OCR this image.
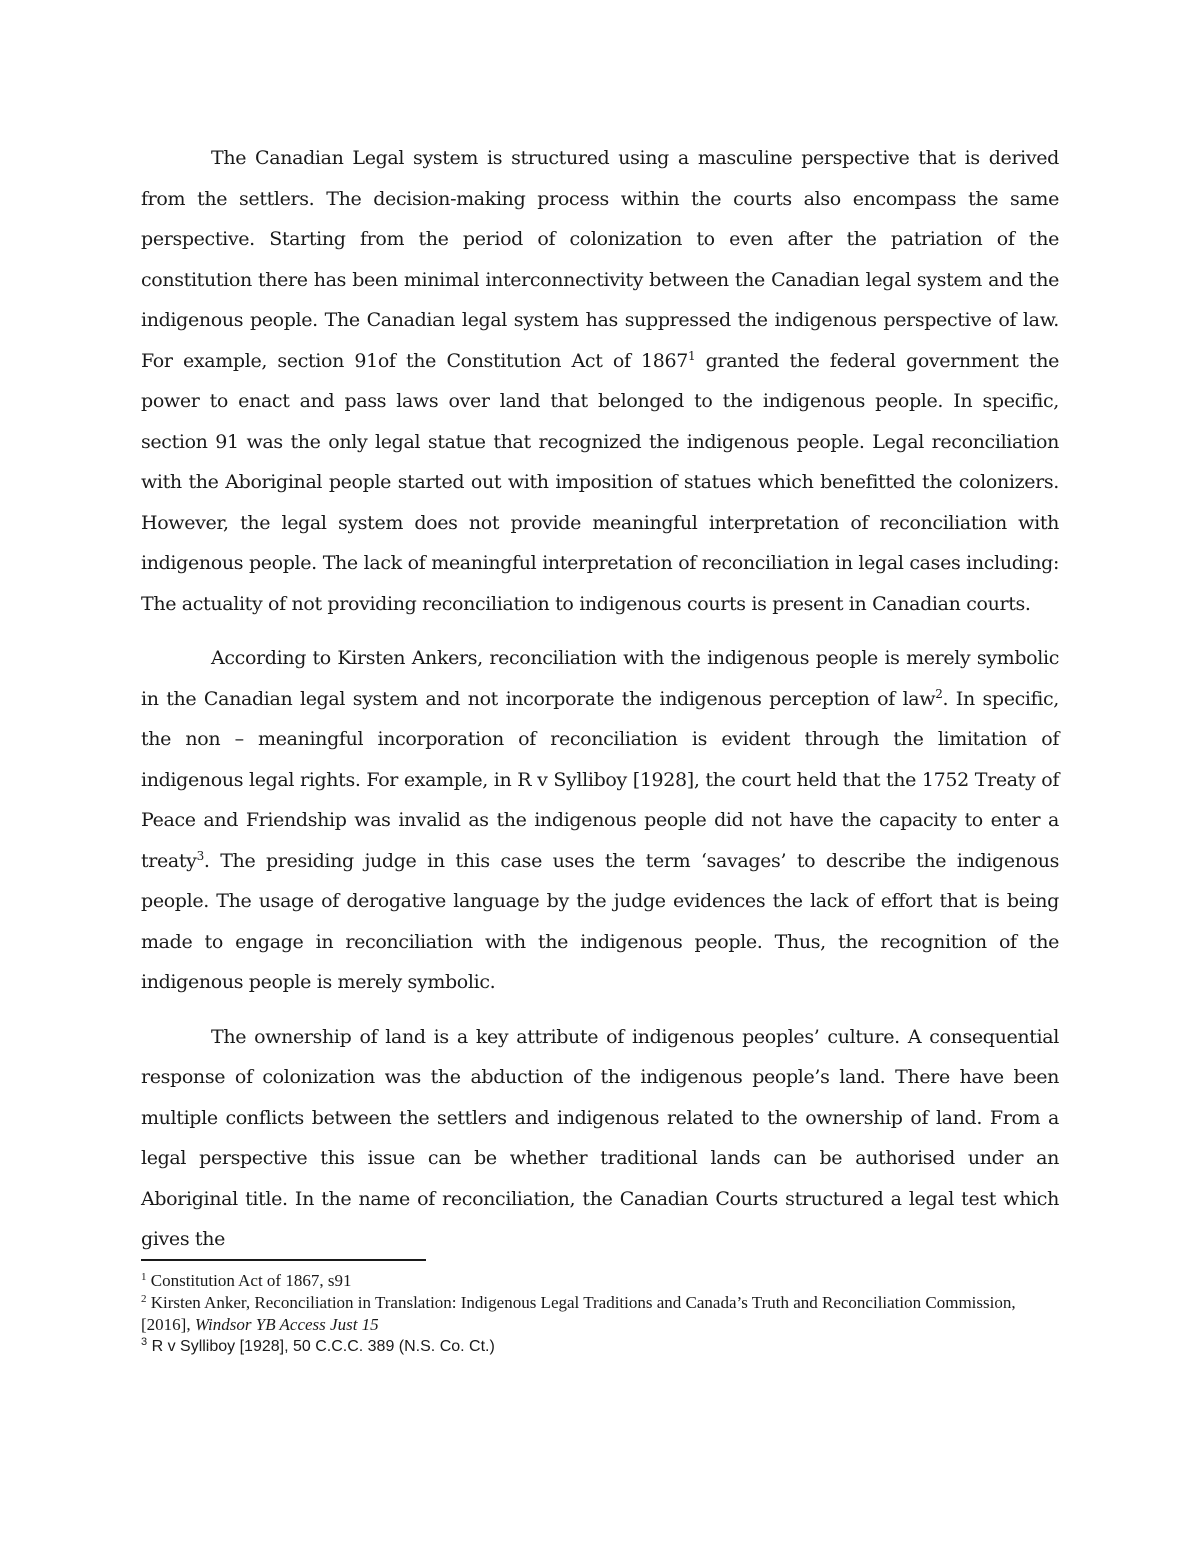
The Canadian Legal system is structured using a masculine perspective that is derived from the settlers. The decision-making process within the courts also encompass the same perspective. Starting from the period of colonization to even after the patriation of the constitution there has been minimal interconnectivity between the Canadian legal system and the indigenous people. The Canadian legal system has suppressed the indigenous perspective of law. For example, section 91of the Constitution Act of 1867$^1$ granted the federal government the power to enact and pass laws over land that belonged to the indigenous people. In specific, section 91 was the only legal statue that recognized the indigenous people. Legal reconciliation with the Aboriginal people started out with imposition of statues which benefitted the colonizers. However, the legal system does not provide meaningful interpretation of reconciliation with indigenous people. The lack of meaningful interpretation of reconciliation in legal cases including: The actuality of not providing reconciliation to indigenous courts is present in Canadian courts.

According to Kirsten Ankers, reconciliation with the indigenous people is merely symbolic in the Canadian legal system and not incorporate the indigenous perception of law$^2$. In specific, the non – meaningful incorporation of reconciliation is evident through the limitation of indigenous legal rights. For example, in R v Sylliboy [1928], the court held that the 1752 Treaty of Peace and Friendship was invalid as the indigenous people did not have the capacity to enter a treaty$^3$. The presiding judge in this case uses the term ‘savages’ to describe the indigenous people. The usage of derogative language by the judge evidences the lack of effort that is being made to engage in reconciliation with the indigenous people. Thus, the recognition of the indigenous people is merely symbolic.

The ownership of land is a key attribute of indigenous peoples’ culture. A consequential response of colonization was the abduction of the indigenous people’s land. There have been multiple conflicts between the settlers and indigenous related to the ownership of land. From a legal perspective this issue can be whether traditional lands can be authorised under an Aboriginal title. In the name of reconciliation, the Canadian Courts structured a legal test which gives the

$^1$ Constitution Act of 1867, s91

$^2$ Kirsten Anker, Reconciliation in Translation: Indigenous Legal Traditions and Canada’s Truth and Reconciliation Commission, [2016], Windsor YB Access Just 15

$^3$ R v Sylliboy [1928], 50 C.C.C. 389 (N.S. Co. Ct.)
